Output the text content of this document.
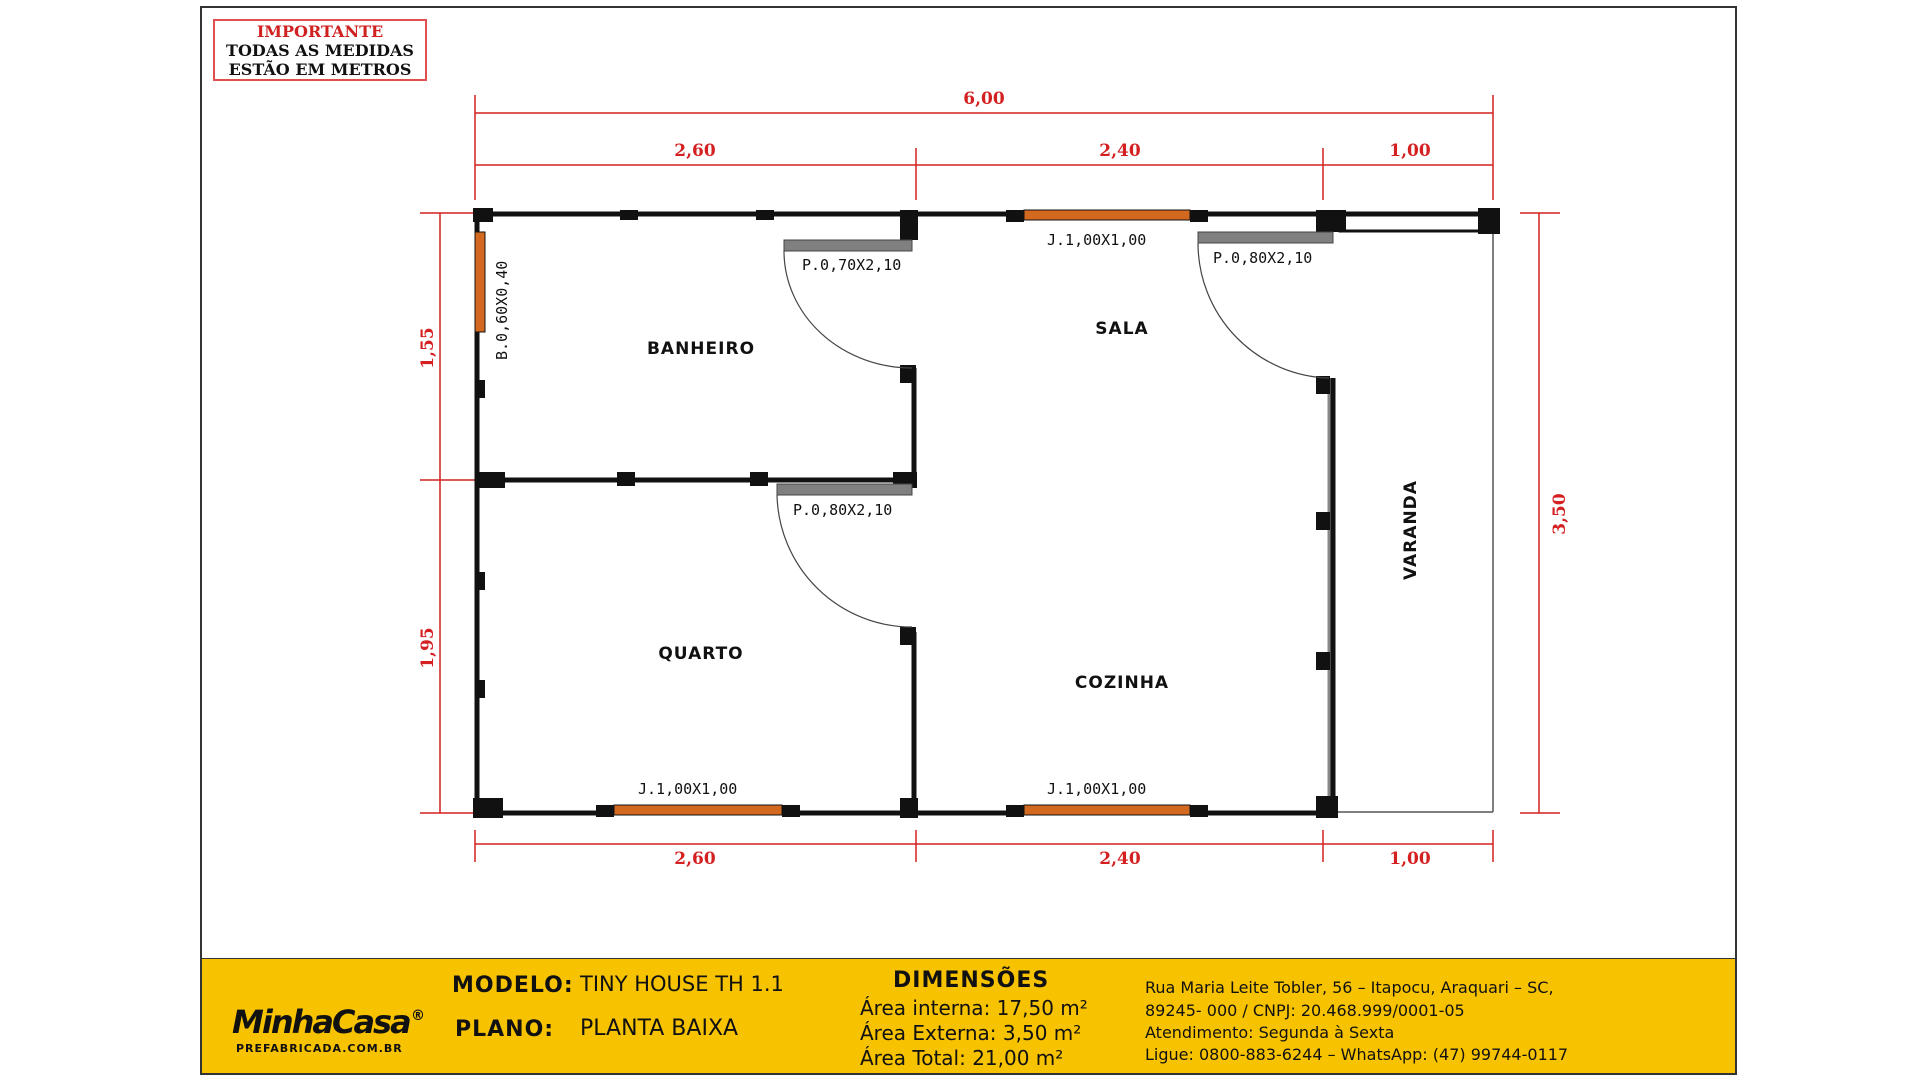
6,00
2,60	2,40	1,00
2,60	2,40	1,00
1,55
1,95
3,50
B.0,60X0,40	P.0,70X2,10
J.1,00X1,00
P.0,80X2,10
P.0,80X2,10
J.1,00X1,00	J.1,00X1,00
BANHEIRO
QUARTO
SALA
COZINHA
VARANDA
IMPORTANTE
TODAS AS MEDIDAS
ESTÃO EM METROS
MinhaCasa ®
PREFABRICADA.COM.BR
MODELO: TINY HOUSE TH 1.1
PLANO: PLANTA BAIXA
DIMENSÕES
Área interna: 17,50 m²
Área Externa: 3,50 m²
Área Total: 21,00 m²
Rua Maria Leite Tobler, 56 – Itapocu, Araquari – SC,
89245- 000 / CNPJ: 20.468.999/0001-05
Atendimento: Segunda à Sexta
Ligue: 0800-883-6244 – WhatsApp: (47) 99744-0117
